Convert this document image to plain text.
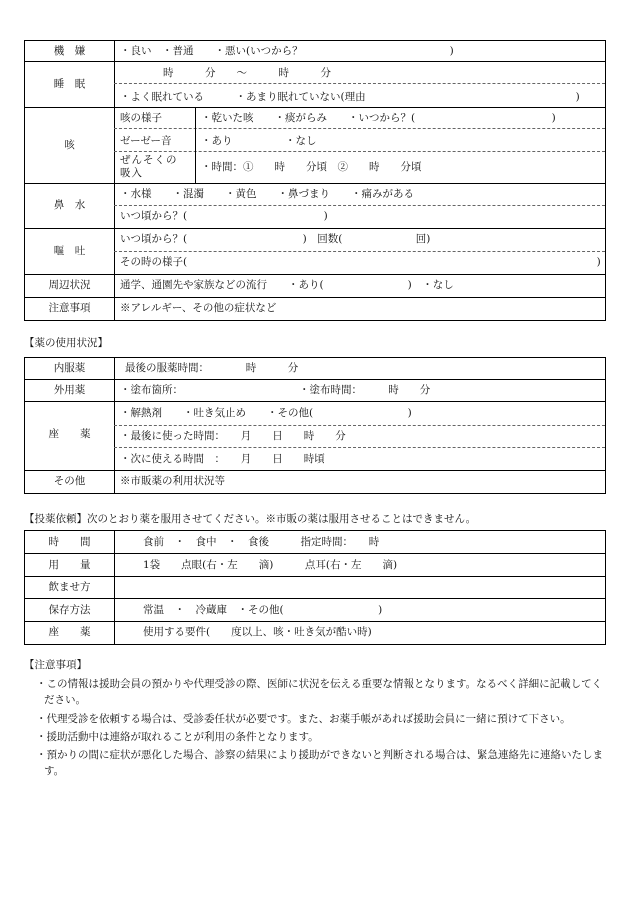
機　嫌	・良い　・普通　　・悪い(いつから？　　　　　　　　　　　　　　)
睡　眠
時　　　分　　～　　　時　　　分
・よく眠れている　　　・あまり眠れていない(理由　　　　　　　　　　　　　　　　　　　　)
咳
咳の様子	・乾いた咳　　・痰がらみ　　・いつから？(　　　　　　　　　　　　　)
ゼーゼー音	・あり　　　　　・なし
ぜんそくの
吸入	・時間：①　　時　　分頃　②　　時　　分頃
鼻　水
・水様　　・混濁　　・黄色　　・鼻づまり　　・痛みがある
いつ頃から？(　　　　　　　　　　　　　)
嘔　吐
いつ頃から？(　　　　　　　　　　　)　回数(　　　　　　　回)
その時の様子(　　　　　　　　　　　　　　　　　　　　　　　　　　　　　　　　　　　　　　　)
周辺状況	通学、通園先や家族などの流行　　・あり(　　　　　　　　)　・なし
注意事項	※アレルギー、その他の症状など
【薬の使用状況】
内服薬	最後の服薬時間：　　　　時　　　分
外用薬	・塗布箇所：	・塗布時間：　　　時　　分
座　　薬
・解熱剤　　・吐き気止め　　・その他(　　　　　　　　　)
・最後に使った時間：　　月　　日　　時　　分
・次に使える時間　：　　月　　日　　時頃
その他	※市販薬の利用状況等
【投薬依頼】次のとおり薬を服用させてください。※市販の薬は服用させることはできません。
時　　間	食前　・　食中　・　食後　　　指定時間：　　時
用　　量	1袋　　点眼(右・左　　滴)　　　点耳(右・左　　滴)
飲ませ方
保存方法	常温　・　冷蔵庫　・その他(　　　　　　　　　)
座　　薬	使用する要件(　　度以上、咳・吐き気が酷い時)
【注意事項】
・この情報は援助会員の預かりや代理受診の際、医師に状況を伝える重要な情報となります。なるべく詳細に記載してください。
・代理受診を依頼する場合は、受診委任状が必要です。また、お薬手帳があれば援助会員に一緒に預けて下さい。
・援助活動中は連絡が取れることが利用の条件となります。
・預かりの間に症状が悪化した場合、診察の結果により援助ができないと判断される場合は、緊急連絡先に連絡いたします。
